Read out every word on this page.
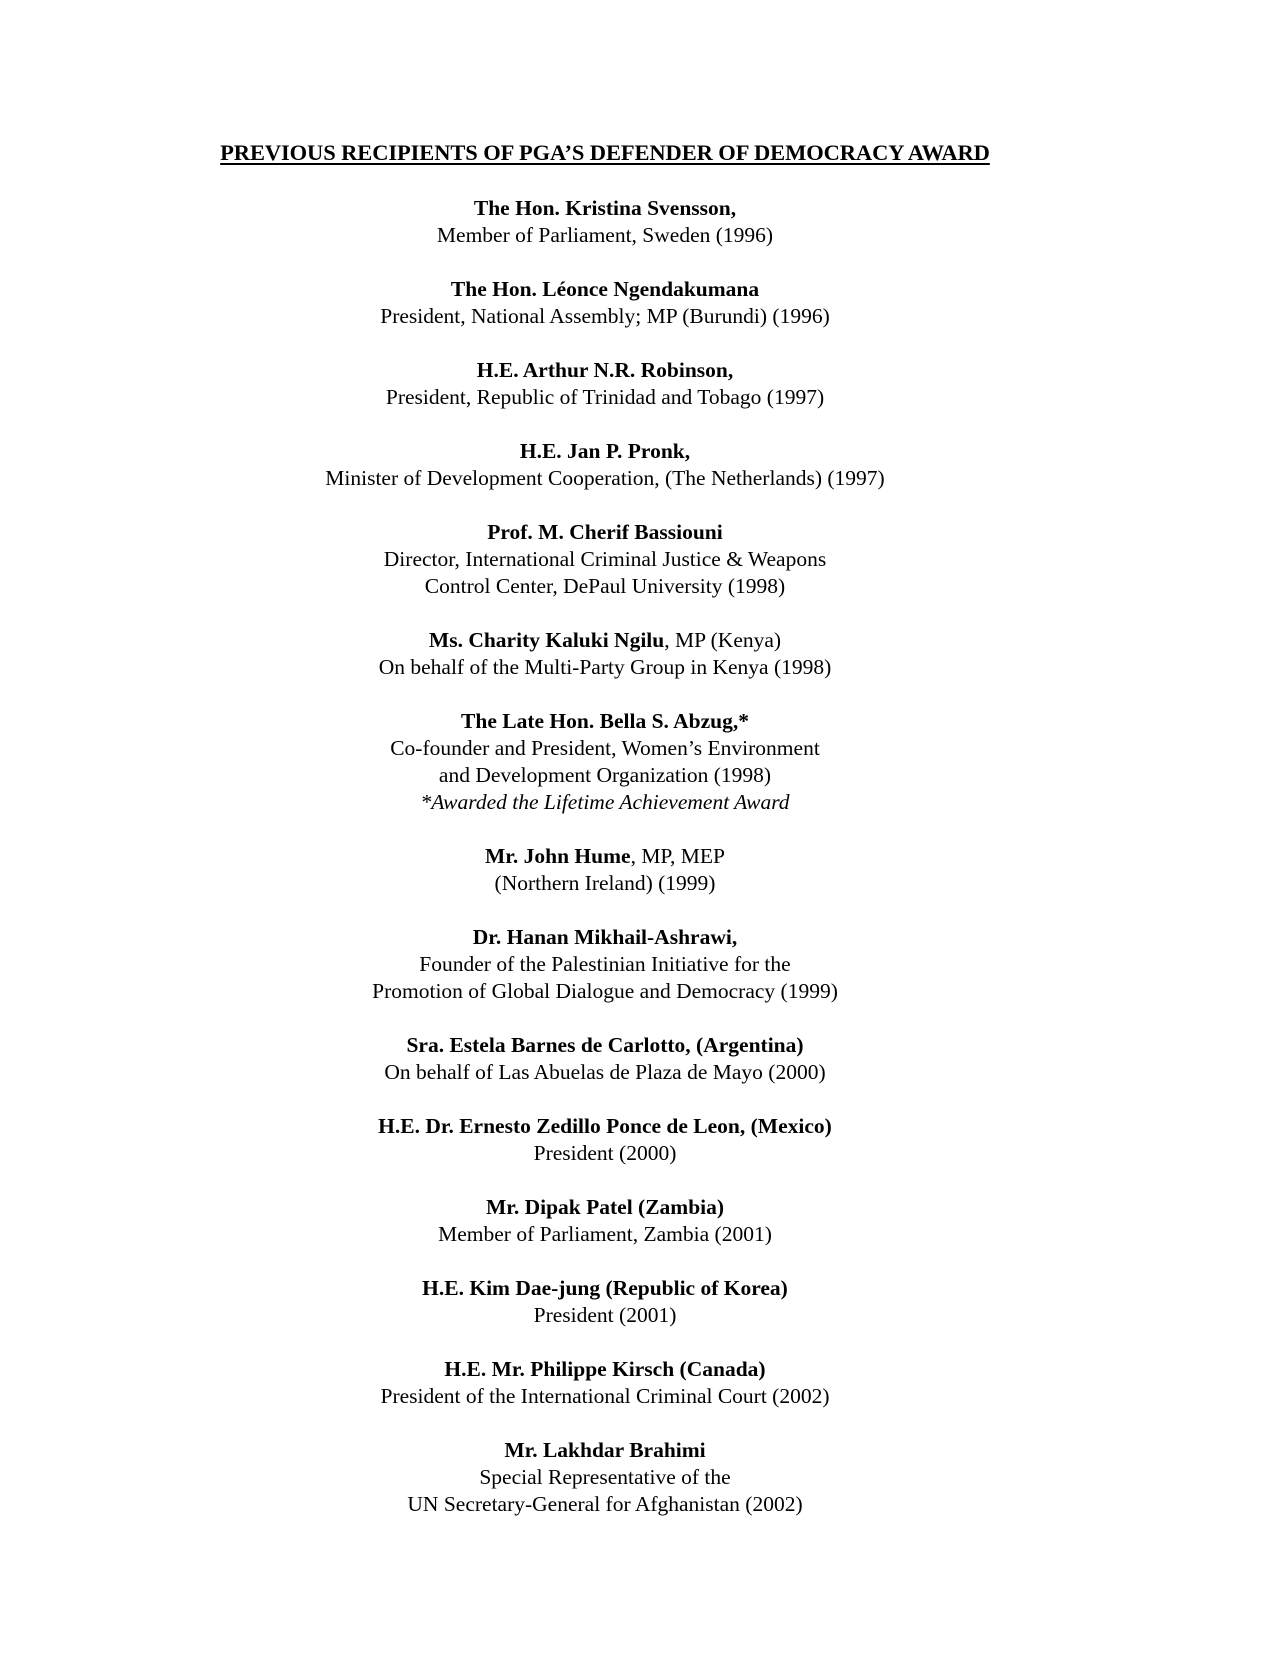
PREVIOUS RECIPIENTS OF PGA’S DEFENDER OF DEMOCRACY AWARD
The Hon. Kristina Svensson,
Member of Parliament, Sweden (1996)
The Hon. Léonce Ngendakumana
President, National Assembly; MP (Burundi) (1996)
H.E. Arthur N.R. Robinson,
President, Republic of Trinidad and Tobago (1997)
H.E. Jan P. Pronk,
Minister of Development Cooperation, (The Netherlands) (1997)
Prof. M. Cherif Bassiouni
Director, International Criminal Justice & Weapons
Control Center, DePaul University (1998)
Ms. Charity Kaluki Ngilu, MP (Kenya)
On behalf of the Multi-Party Group in Kenya (1998)
The Late Hon. Bella S. Abzug,*
Co-founder and President, Women’s Environment
and Development Organization (1998)
*Awarded the Lifetime Achievement Award
Mr. John Hume, MP, MEP
(Northern Ireland) (1999)
Dr. Hanan Mikhail-Ashrawi,
Founder of the Palestinian Initiative for the
Promotion of Global Dialogue and Democracy (1999)
Sra. Estela Barnes de Carlotto, (Argentina)
On behalf of Las Abuelas de Plaza de Mayo (2000)
H.E. Dr. Ernesto Zedillo Ponce de Leon, (Mexico)
President (2000)
Mr. Dipak Patel (Zambia)
Member of Parliament, Zambia (2001)
H.E. Kim Dae-jung (Republic of Korea)
President (2001)
H.E. Mr. Philippe Kirsch (Canada)
President of the International Criminal Court (2002)
Mr. Lakhdar Brahimi
Special Representative of the
UN Secretary-General for Afghanistan (2002)
